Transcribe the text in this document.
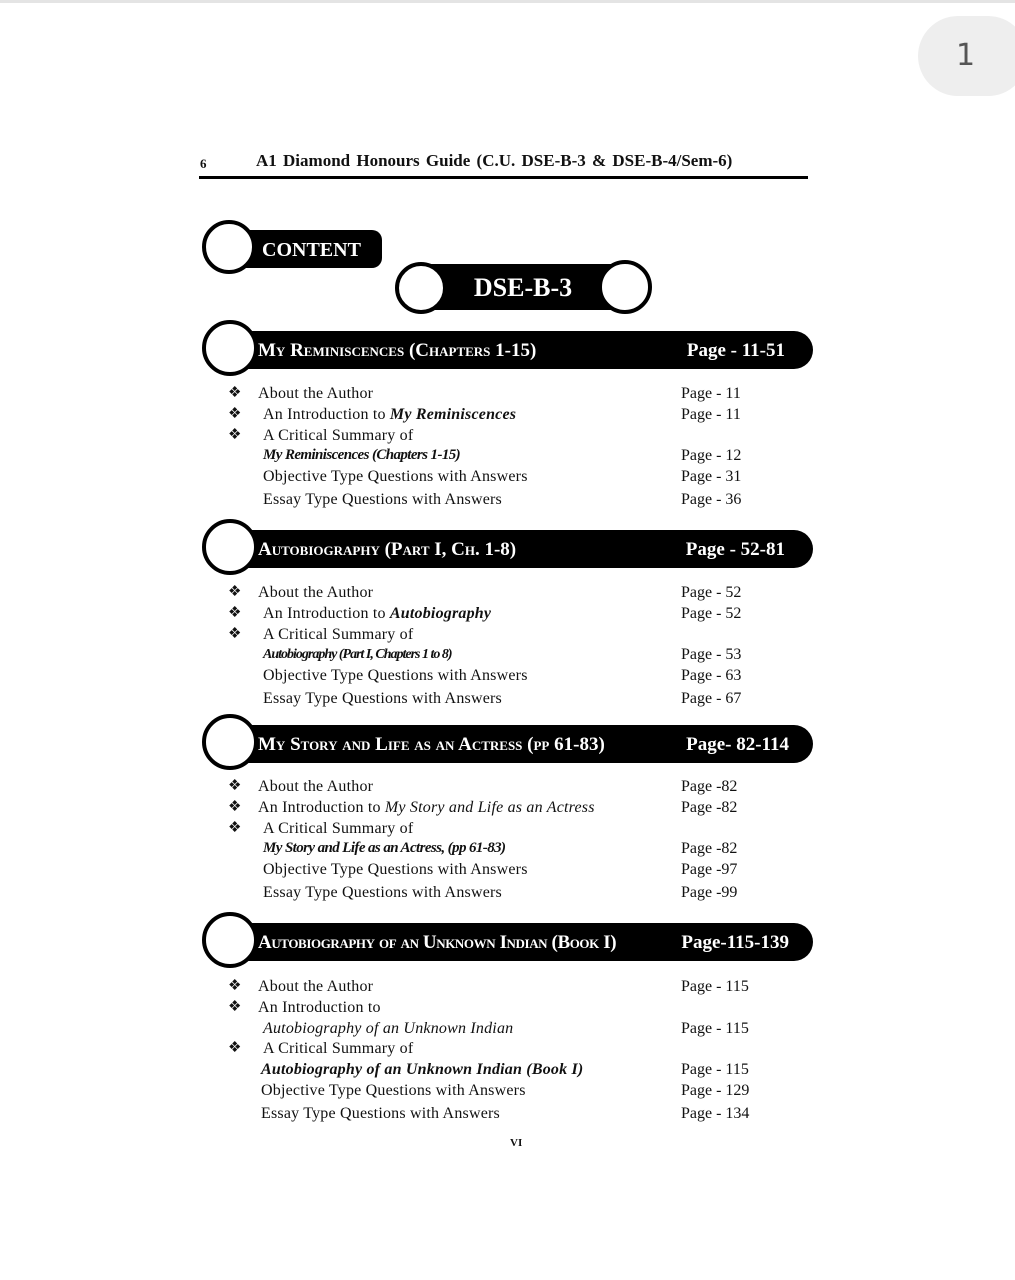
1
6	A1 Diamond Honours Guide (C.U. DSE-B-3 & DSE-B-4/Sem-6)
CONTENT
DSE-B-3
My Reminiscences (Chapters 1-15)	Page - 11-51
❖ About the Author	Page - 11
❖ An Introduction to My Reminiscences	Page - 11
❖ A Critical Summary of
My Reminiscences (Chapters 1-15)	Page - 12
Objective Type Questions with Answers	Page - 31
Essay Type Questions with Answers	Page - 36
Autobiography (Part I, Ch. 1-8)	Page - 52-81
❖ About the Author	Page - 52
❖ An Introduction to Autobiography	Page - 52
❖ A Critical Summary of
Autobiography (Part I, Chapters 1 to 8)	Page - 53
Objective Type Questions with Answers	Page - 63
Essay Type Questions with Answers	Page - 67
My Story and Life as an Actress (pp 61-83)	Page- 82-114
❖ About the Author	Page -82
❖ An Introduction to My Story and Life as an Actress	Page -82
❖ A Critical Summary of
My Story and Life as an Actress, (pp 61-83)	Page -82
Objective Type Questions with Answers	Page -97
Essay Type Questions with Answers	Page -99
Autobiography of an Unknown Indian (Book I)	Page-115-139
❖ About the Author	Page - 115
❖ An Introduction to
Autobiography of an Unknown Indian	Page - 115
❖ A Critical Summary of
Autobiography of an Unknown Indian (Book I)	Page - 115
Objective Type Questions with Answers	Page - 129
Essay Type Questions with Answers	Page - 134
VI
